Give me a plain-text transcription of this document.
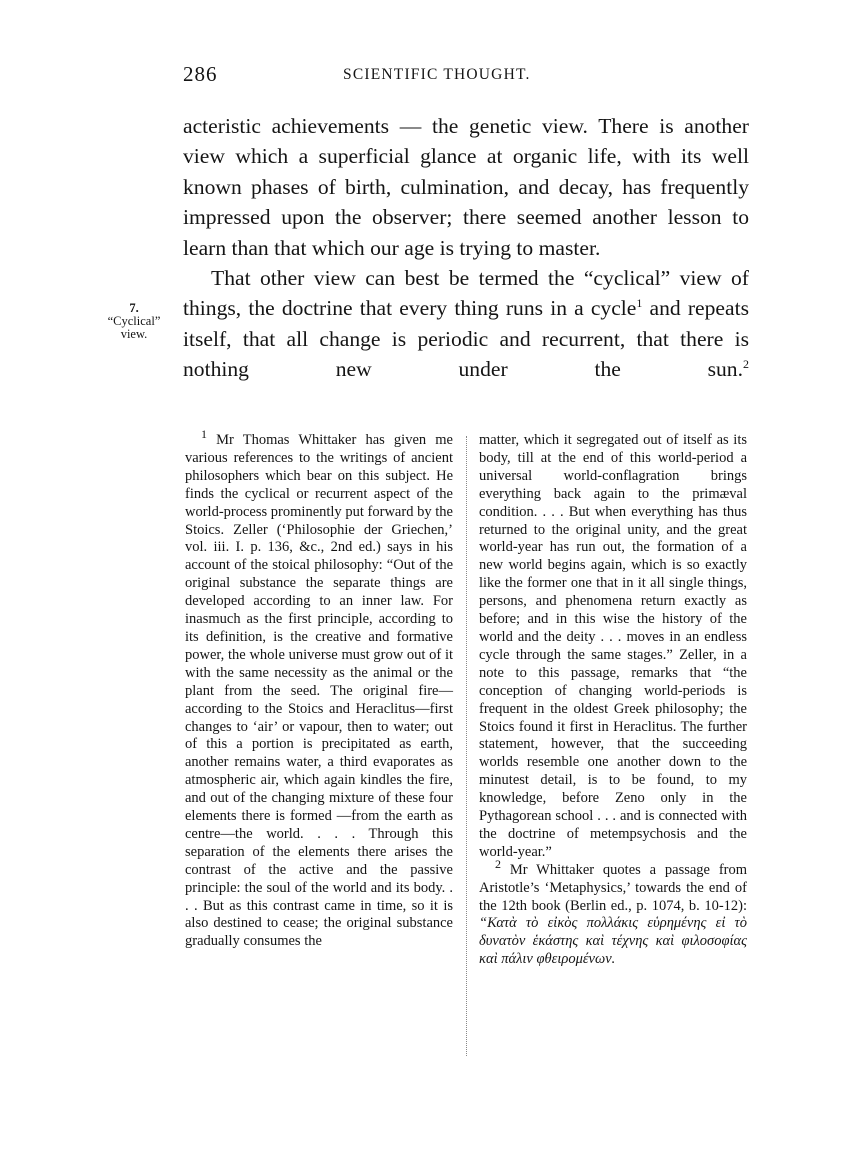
286	SCIENTIFIC THOUGHT.
7.
“Cyclical”
view.

acteristic achievements — the genetic view. There is another view which a superficial glance at organic life, with its well known phases of birth, culmination, and decay, has frequently impressed upon the observer; there seemed another lesson to learn than that which our age is trying to master.

That other view can best be termed the “cyclical” view of things, the doctrine that every thing runs in a cycle$^1$ and repeats itself, that all change is periodic and recurrent, that there is nothing new under the sun.$^2$

$^1$ Mr Thomas Whittaker has given me various references to the writings of ancient philosophers which bear on this subject. He finds the cyclical or recurrent aspect of the world-process prominently put forward by the Stoics. Zeller (‘Philosophie der Griechen,’ vol. iii. I. p. 136, &c., 2nd ed.) says in his account of the stoical philosophy: “Out of the original substance the separate things are developed according to an inner law. For inasmuch as the first principle, according to its definition, is the creative and formative power, the whole universe must grow out of it with the same necessity as the animal or the plant from the seed. The original fire—according to the Stoics and Heraclitus—first changes to ‘air’ or vapour, then to water; out of this a portion is precipitated as earth, another remains water, a third evaporates as atmospheric air, which again kindles the fire, and out of the changing mixture of these four elements there is formed —from the earth as centre—the world. . . . Through this separation of the elements there arises the contrast of the active and the passive principle: the soul of the world and its body. . . . But as this contrast came in time, so it is also destined to cease; the original substance gradually consumes the

matter, which it segregated out of itself as its body, till at the end of this world-period a universal world-conflagration brings everything back again to the primæval condition. . . . But when everything has thus returned to the original unity, and the great world-year has run out, the formation of a new world begins again, which is so exactly like the former one that in it all single things, persons, and phenomena return exactly as before; and in this wise the history of the world and the deity . . . moves in an endless cycle through the same stages.” Zeller, in a note to this passage, remarks that “the conception of changing world-periods is frequent in the oldest Greek philosophy; the Stoics found it first in Heraclitus. The further statement, however, that the succeeding worlds resemble one another down to the minutest detail, is to be found, to my knowledge, before Zeno only in the Pythagorean school . . . and is connected with the doctrine of metempsychosis and the world-year.”

$^2$ Mr Whittaker quotes a passage from Aristotle’s ‘Metaphysics,’ towards the end of the 12th book (Berlin ed., p. 1074, b. 10-12): “Κατὰ τὸ εἰκὸς πολλάκις εὑρημένης εἰ τὸ δυνατὸν ἑκάστης καὶ τέχνης καὶ φιλοσοφίας καὶ πάλιν φθειρομένων.
